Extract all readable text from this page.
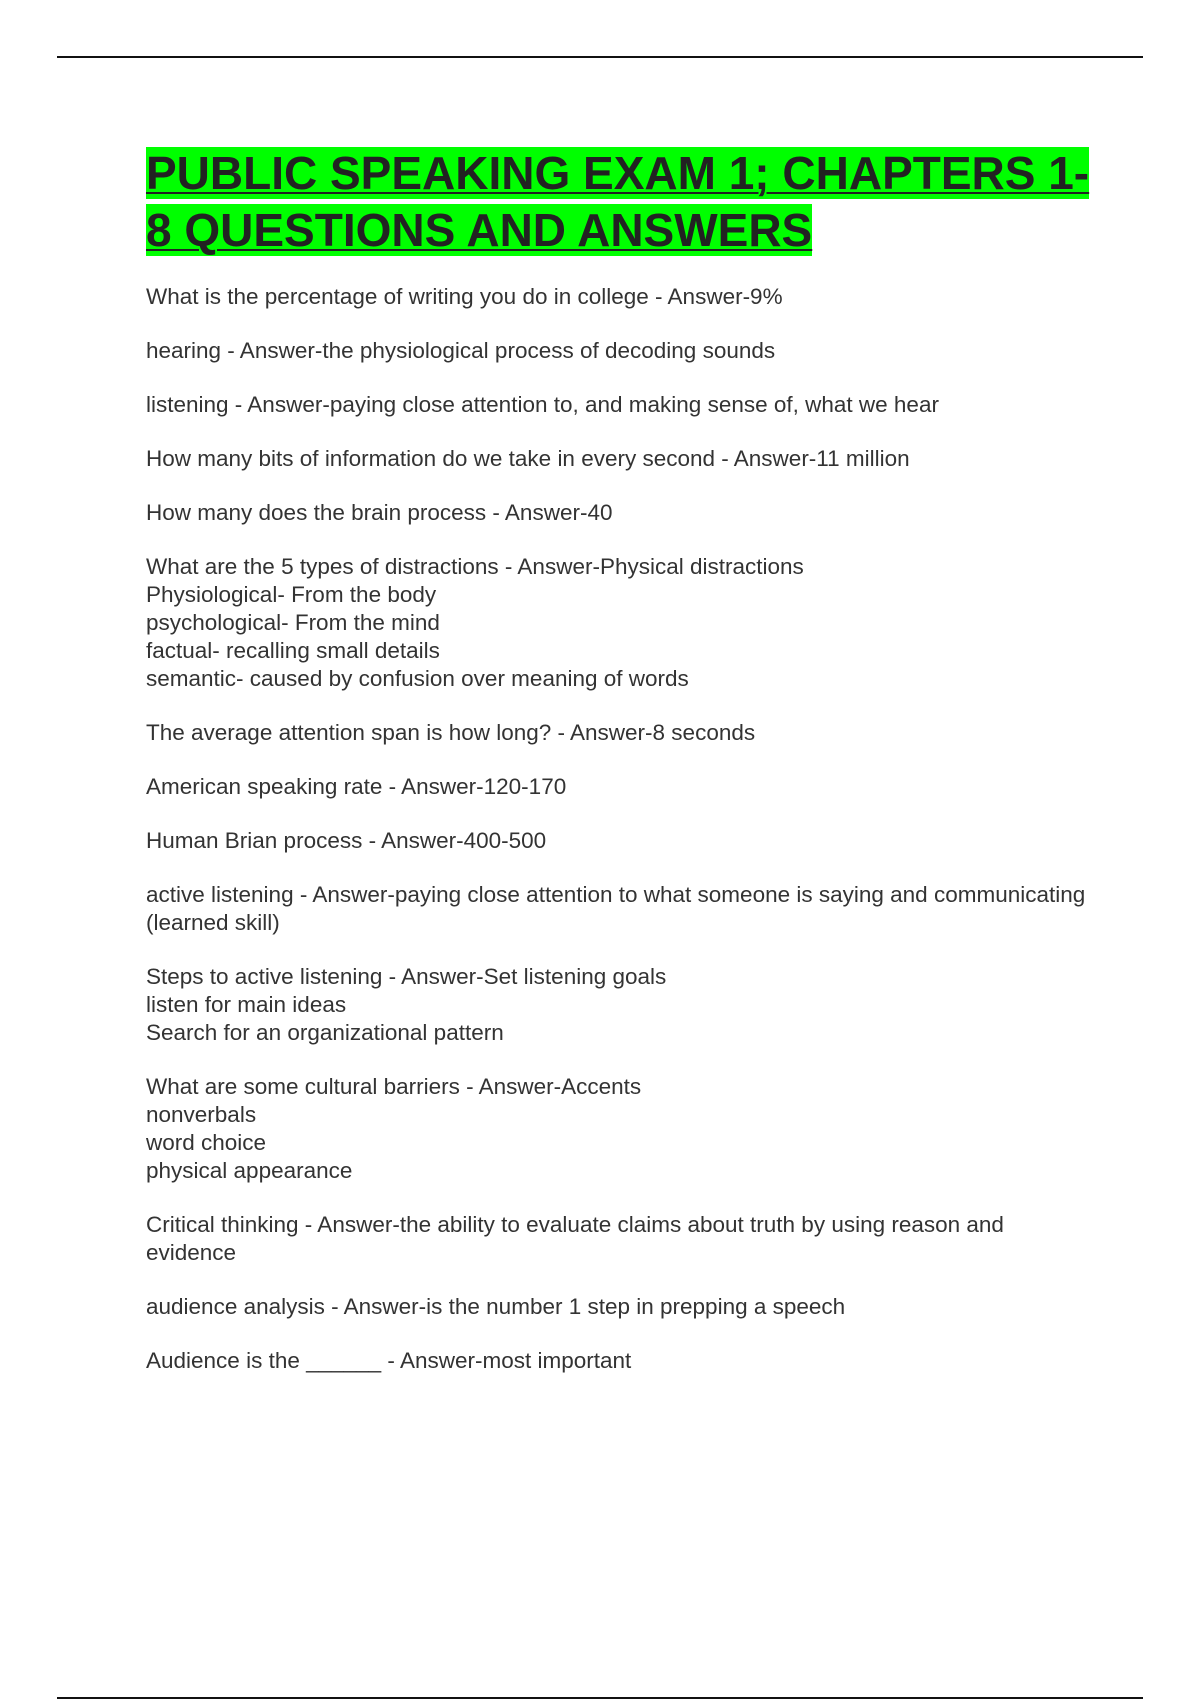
PUBLIC SPEAKING EXAM 1; CHAPTERS 1-8 QUESTIONS AND ANSWERS
What is the percentage of writing you do in college - Answer-9%
hearing - Answer-the physiological process of decoding sounds
listening - Answer-paying close attention to, and making sense of, what we hear
How many bits of information do we take in every second - Answer-11 million
How many does the brain process - Answer-40
What are the 5 types of distractions - Answer-Physical distractions
Physiological- From the body
psychological- From the mind
factual- recalling small details
semantic- caused by confusion over meaning of words
The average attention span is how long? - Answer-8 seconds
American speaking rate - Answer-120-170
Human Brian process - Answer-400-500
active listening - Answer-paying close attention to what someone is saying and communicating (learned skill)
Steps to active listening - Answer-Set listening goals
listen for main ideas
Search for an organizational pattern
What are some cultural barriers - Answer-Accents
nonverbals
word choice
physical appearance
Critical thinking - Answer-the ability to evaluate claims about truth by using reason and evidence
audience analysis - Answer-is the number 1 step in prepping a speech
Audience is the ______ - Answer-most important
